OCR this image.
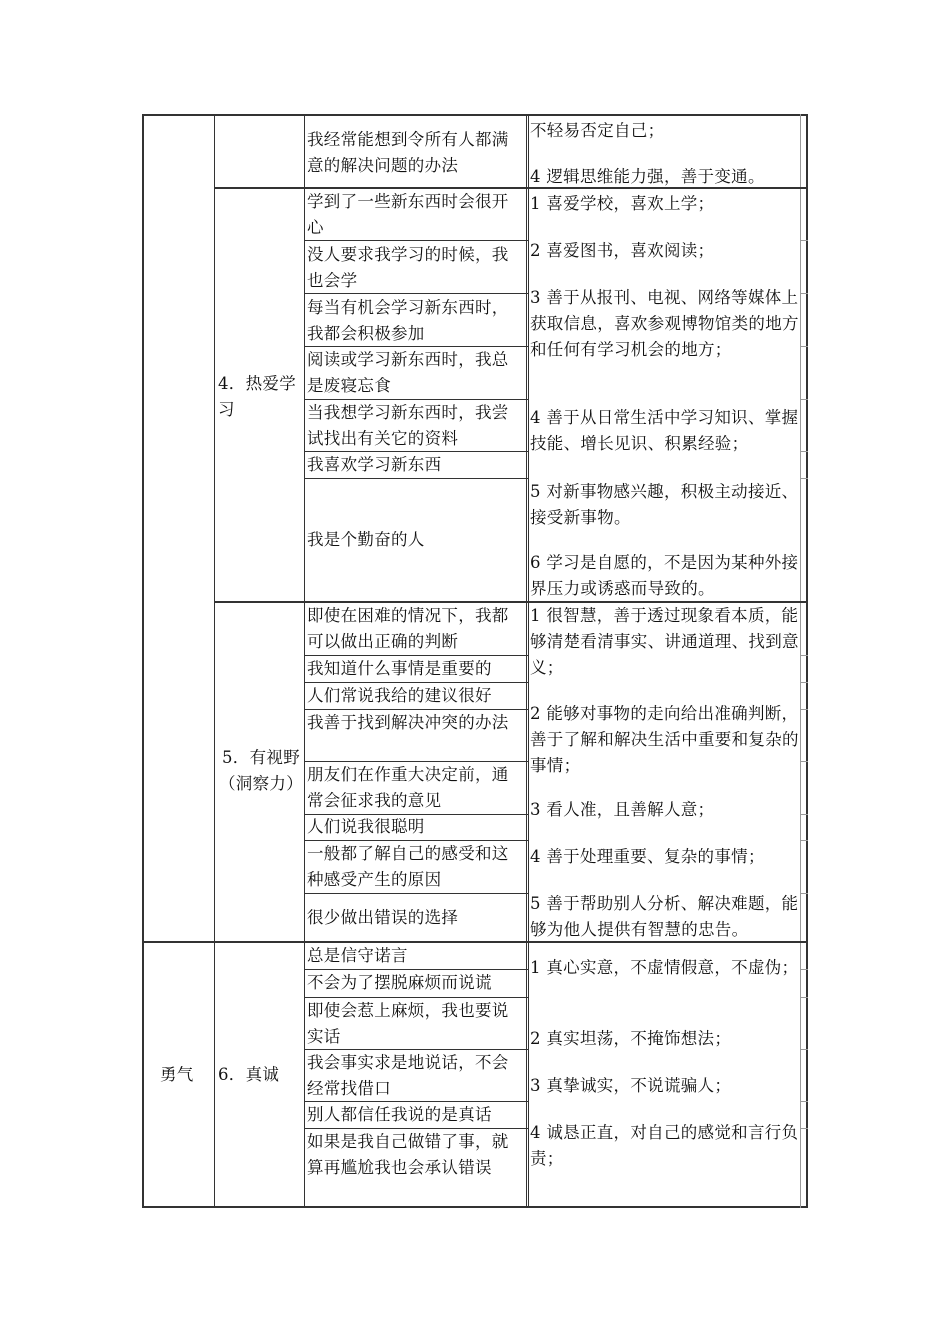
我经常能想到令所有人都满意的解决问题的办法

不轻易否定自己；

4 逻辑思维能力强，善于变通。

4．热爱学习
学到了一些新东西时会很开心
没人要求我学习的时候，我也会学
每当有机会学习新东西时，我都会积极参加
阅读或学习新东西时，我总是废寝忘食
当我想学习新东西时，我尝试找出有关它的资料
我喜欢学习新东西
我是个勤奋的人
1 喜爱学校，喜欢上学；
2 喜爱图书，喜欢阅读；
3 善于从报刊、电视、网络等媒体上获取信息，喜欢参观博物馆类的地方和任何有学习机会的地方；
4 善于从日常生活中学习知识、掌握技能、增长见识、积累经验；
5 对新事物感兴趣，积极主动接近、接受新事物。
6 学习是自愿的，不是因为某种外接界压力或诱惑而导致的。
5．有视野（洞察力）
即使在困难的情况下，我都可以做出正确的判断
我知道什么事情是重要的
人们常说我给的建议很好
我善于找到解决冲突的办法
朋友们在作重大决定前，通常会征求我的意见
人们说我很聪明
一般都了解自己的感受和这种感受产生的原因
很少做出错误的选择
1 很智慧，善于透过现象看本质，能够清楚看清事实、讲通道理、找到意义；
2 能够对事物的走向给出准确判断，善于了解和解决生活中重要和复杂的事情；
3 看人准，且善解人意；
4 善于处理重要、复杂的事情；
5 善于帮助别人分析、解决难题，能够为他人提供有智慧的忠告。
勇气 6．真诚
总是信守诺言
不会为了摆脱麻烦而说谎
即使会惹上麻烦，我也要说实话
我会事实求是地说话，不会经常找借口
别人都信任我说的是真话
如果是我自己做错了事，就算再尴尬我也会承认错误
1 真心实意，不虚情假意，不虚伪；
2 真实坦荡，不掩饰想法；
3 真挚诚实，不说谎骗人；
4 诚恳正直，对自己的感觉和言行负责；
